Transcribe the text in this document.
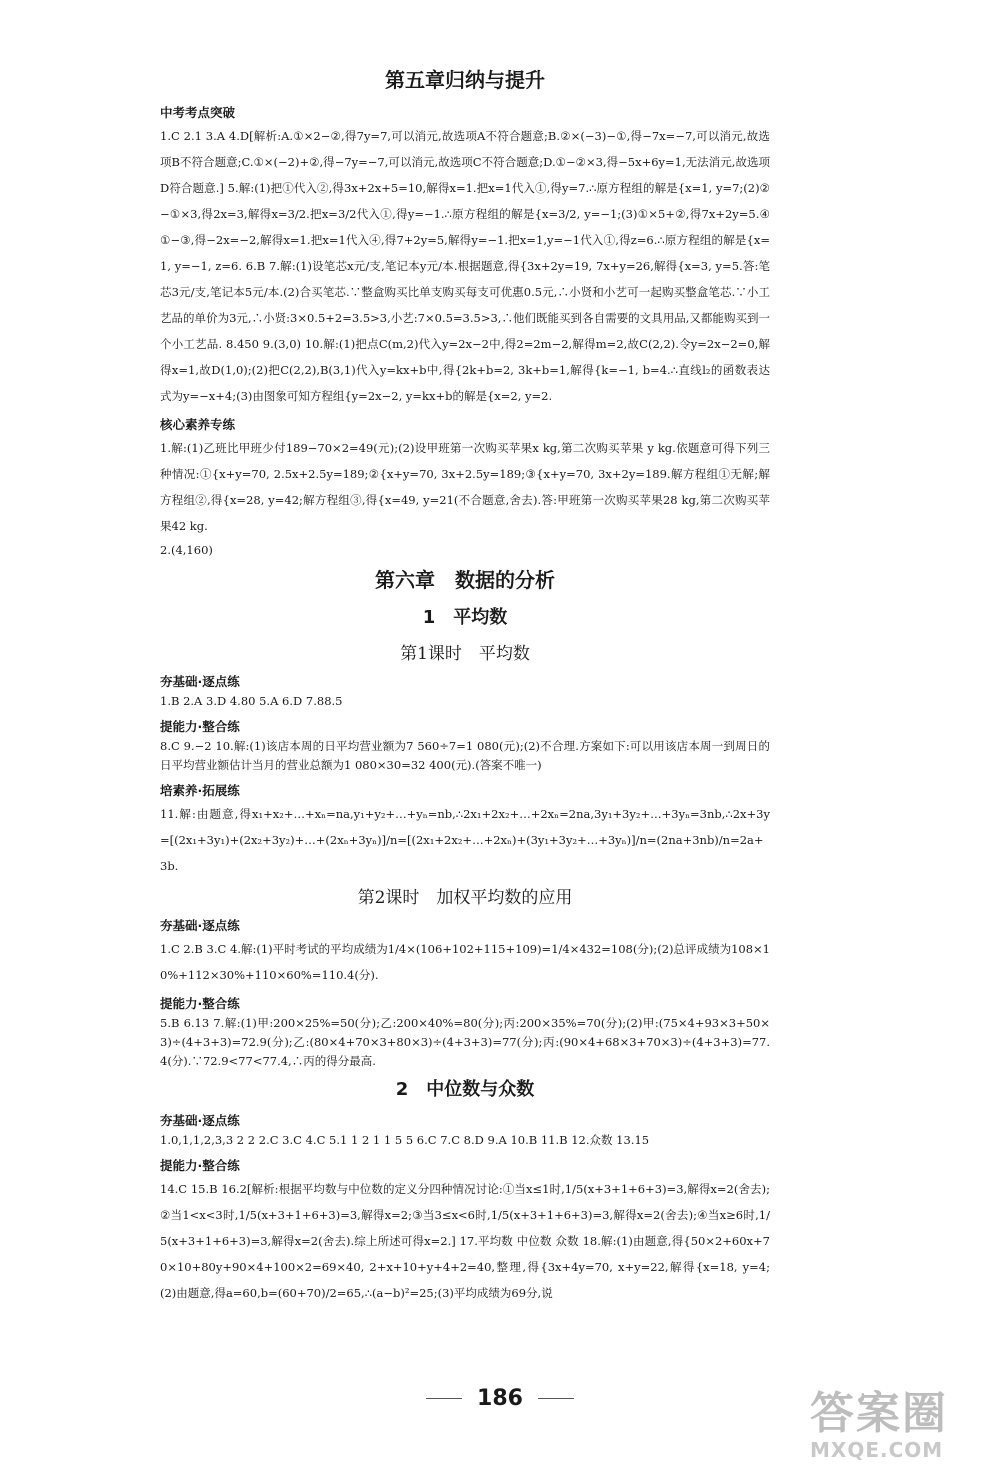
第五章归纳与提升
中考考点突破

1.C 2.1 3.A 4.D[解析:A.①×2−②,得7y=7,可以消元,故选项A不符合题意;B.②×(−3)−①,得−7x=−7,可以消元,故选项B不符合题意;C.①×(−2)+②,得−7y=−7,可以消元,故选项C不符合题意;D.①−②×3,得−5x+6y=1,无法消元,故选项D符合题意.] 5.解:(1)把①代入②,得3x+2x+5=10,解得x=1.把x=1代入①,得y=7.∴原方程组的解是{x=1, y=7;(2)②−①×3,得2x=3,解得x=3/2.把x=3/2代入①,得y=−1.∴原方程组的解是{x=3/2, y=−1;(3)①×5+②,得7x+2y=5.④ ①−③,得−2x=−2,解得x=1.把x=1代入④,得7+2y=5,解得y=−1.把x=1,y=−1代入①,得z=6.∴原方程组的解是{x=1, y=−1, z=6. 6.B 7.解:(1)设笔芯x元/支,笔记本y元/本.根据题意,得{3x+2y=19, 7x+y=26,解得{x=3, y=5.答:笔芯3元/支,笔记本5元/本.(2)合买笔芯.∵整盒购买比单支购买每支可优惠0.5元,∴小贤和小艺可一起购买整盒笔芯.∵小工艺品的单价为3元,∴小贤:3×0.5+2=3.5>3,小艺:7×0.5=3.5>3,∴他们既能买到各自需要的文具用品,又都能购买到一个小工艺品. 8.450 9.(3,0) 10.解:(1)把点C(m,2)代入y=2x−2中,得2=2m−2,解得m=2,故C(2,2).令y=2x−2=0,解得x=1,故D(1,0);(2)把C(2,2),B(3,1)代入y=kx+b中,得{2k+b=2, 3k+b=1,解得{k=−1, b=4.∴直线l₂的函数表达式为y=−x+4;(3)由图象可知方程组{y=2x−2, y=kx+b的解是{x=2, y=2.

核心素养专练

1.解:(1)乙班比甲班少付189−70×2=49(元);(2)设甲班第一次购买苹果x kg,第二次购买苹果 y kg.依题意可得下列三种情况:①{x+y=70, 2.5x+2.5y=189;②{x+y=70, 3x+2.5y=189;③{x+y=70, 3x+2y=189.解方程组①无解;解方程组②,得{x=28, y=42;解方程组③,得{x=49, y=21(不合题意,舍去).答:甲班第一次购买苹果28 kg,第二次购买苹果42 kg.

2.(4,160)

第六章　数据的分析
1　平均数
第1课时　平均数
夯基础·逐点练

1.B 2.A 3.D 4.80 5.A 6.D 7.88.5

提能力·整合练

8.C 9.−2 10.解:(1)该店本周的日平均营业额为7 560÷7=1 080(元);(2)不合理.方案如下:可以用该店本周一到周日的日平均营业额估计当月的营业总额为1 080×30=32 400(元).(答案不唯一)

培素养·拓展练

11.解:由题意,得x₁+x₂+…+xₙ=na,y₁+y₂+…+yₙ=nb,∴2x₁+2x₂+…+2xₙ=2na,3y₁+3y₂+…+3yₙ=3nb,∴2x+3y=[(2x₁+3y₁)+(2x₂+3y₂)+…+(2xₙ+3yₙ)]/n=[(2x₁+2x₂+…+2xₙ)+(3y₁+3y₂+…+3yₙ)]/n=(2na+3nb)/n=2a+3b.

第2课时　加权平均数的应用
夯基础·逐点练

1.C 2.B 3.C 4.解:(1)平时考试的平均成绩为1/4×(106+102+115+109)=1/4×432=108(分);(2)总评成绩为108×10%+112×30%+110×60%=110.4(分).

提能力·整合练

5.B 6.13 7.解:(1)甲:200×25%=50(分);乙:200×40%=80(分);丙:200×35%=70(分);(2)甲:(75×4+93×3+50×3)÷(4+3+3)=72.9(分);乙:(80×4+70×3+80×3)÷(4+3+3)=77(分);丙:(90×4+68×3+70×3)÷(4+3+3)=77.4(分).∵72.9<77<77.4,∴丙的得分最高.

2　中位数与众数
夯基础·逐点练

1.0,1,1,2,3,3 2 2 2.C 3.C 4.C 5.1 1 2 1 1 5 5 6.C 7.C 8.D 9.A 10.B 11.B 12.众数 13.15

提能力·整合练

14.C 15.B 16.2[解析:根据平均数与中位数的定义分四种情况讨论:①当x≤1时,1/5(x+3+1+6+3)=3,解得x=2(舍去);②当1<x<3时,1/5(x+3+1+6+3)=3,解得x=2;③当3≤x<6时,1/5(x+3+1+6+3)=3,解得x=2(舍去);④当x≥6时,1/5(x+3+1+6+3)=3,解得x=2(舍去).综上所述可得x=2.] 17.平均数 中位数 众数 18.解:(1)由题意,得{50×2+60x+70×10+80y+90×4+100×2=69×40, 2+x+10+y+4+2=40,整理,得{3x+4y=70, x+y=22,解得{x=18, y=4;(2)由题意,得a=60,b=(60+70)/2=65,∴(a−b)²=25;(3)平均成绩为69分,说

186	答案圈
MXQE.COM
